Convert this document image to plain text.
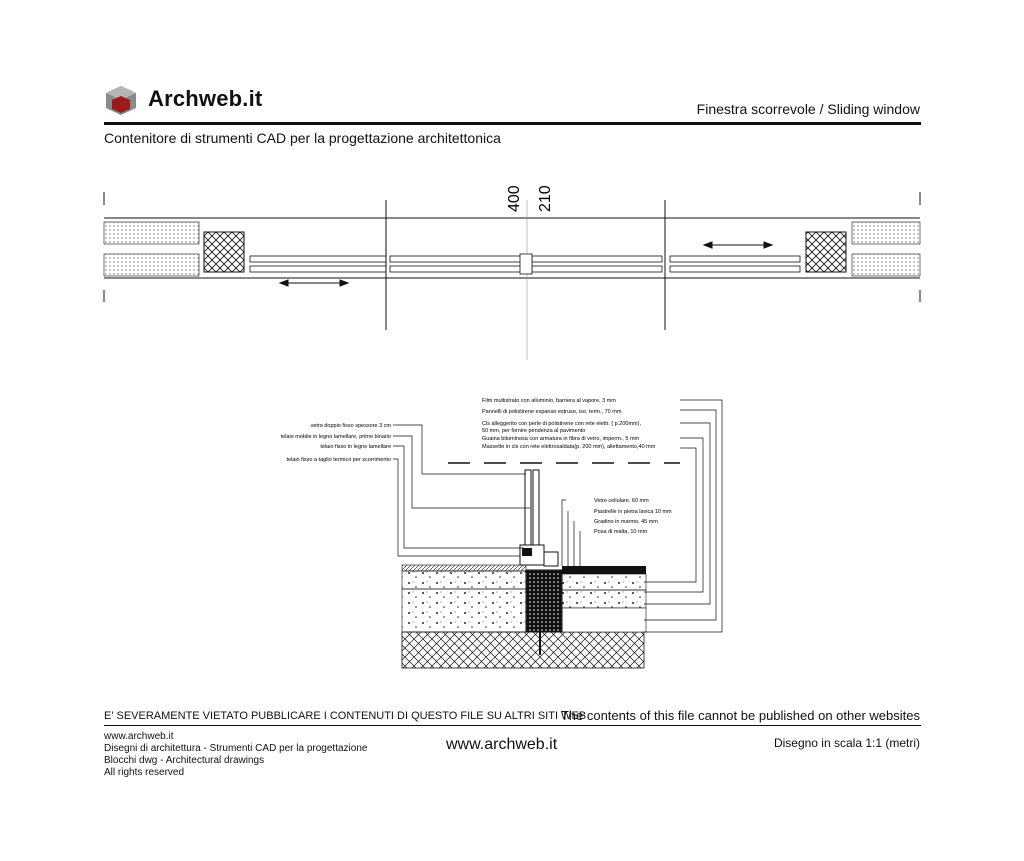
Archweb.it	Finestra scorrevole / Sliding window
Contenitore di strumenti CAD per la progettazione architettonica
400 210
vetro doppio fisso spessore 3 cm
telaio mobile in legno lamellare, primo binario
telaio fisso in legno lamellare
telaio fisso a taglio termico per scorrimento
Film multistrato con alluminio, barriera al vapore, 3 mm
Pannelli di polistirene espanso estruso, iso. term., 70 mm
Cls alleggerito con perle di polistirene con rete elettr. ( p.200mm),
50 mm, per fornire pendenza al pavimento
Guaina bituminosa con armatura in fibra di vetro, imperm., 5 mm
Massetto in cls con rete elettrosaldata(p. 200 mm), allettamento,40 mm
Vetro cellulare, 60 mm
Piastrelle in pietra lavica 10 mm
Gradino in marmo, 45 mm
Posa di malta, 10 mm
E' SEVERAMENTE VIETATO PUBBLICARE I CONTENUTI DI QUESTO FILE SU ALTRI SITI WEB
The contents of this file cannot be published on other websites
www.archweb.it
Disegni di architettura - Strumenti CAD per la progettazione
Blocchi dwg - Architectural drawings
All rights reserved
www.archweb.it	Disegno in scala 1:1 (metri)
